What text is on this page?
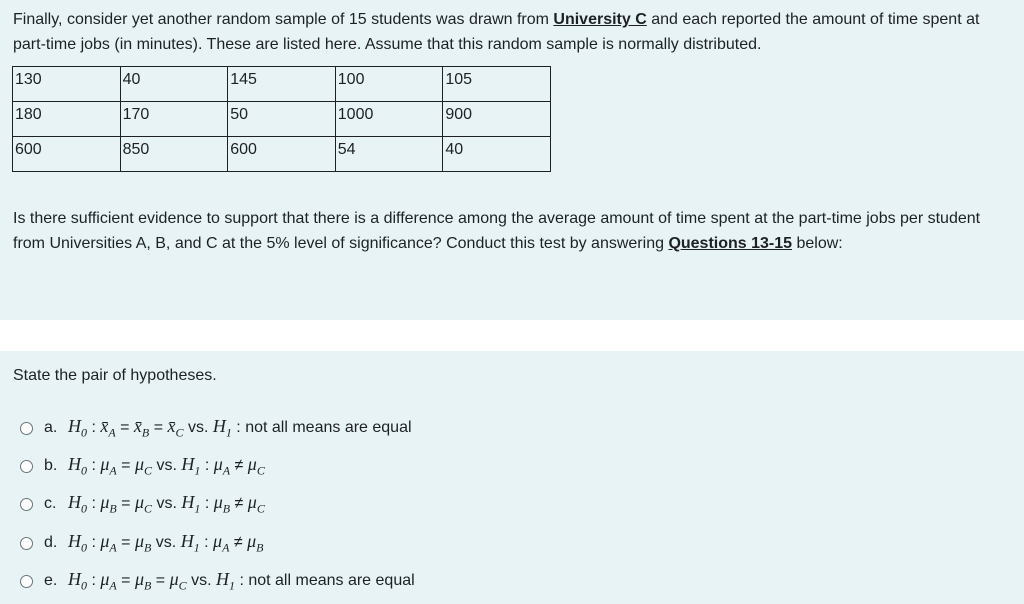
Finally, consider yet another random sample of 15 students was drawn from University C and each reported the amount of time spent at part-time jobs (in minutes). These are listed here. Assume that this random sample is normally distributed.

130	40	145	100	105
180	170	50	1000	900
600	850	600	54	40

Is there sufficient evidence to support that there is a difference among the average amount of time spent at the part-time jobs per student from Universities A, B, and C at the 5% level of significance? Conduct this test by answering Questions 13-15 below:

State the pair of hypotheses.

a. $H_0$ : $x̄_A$ = $x̄_B$ = $x̄_C$ vs. $H_1$ : not all means are equal
b. $H_0$ : $\mu_A = \mu_C$ vs. $H_1$ : $\mu_A \ne \mu_C$
c. $H_0$ : $\mu_B = \mu_C$ vs. $H_1$ : $\mu_B \ne \mu_C$
d. $H_0$ : $\mu_A = \mu_B$ vs. $H_1$ : $\mu_A \ne \mu_B$
e. $H_0$ : $\mu_A = \mu_B = \mu_C$ vs. $H_1$ : not all means are equal
